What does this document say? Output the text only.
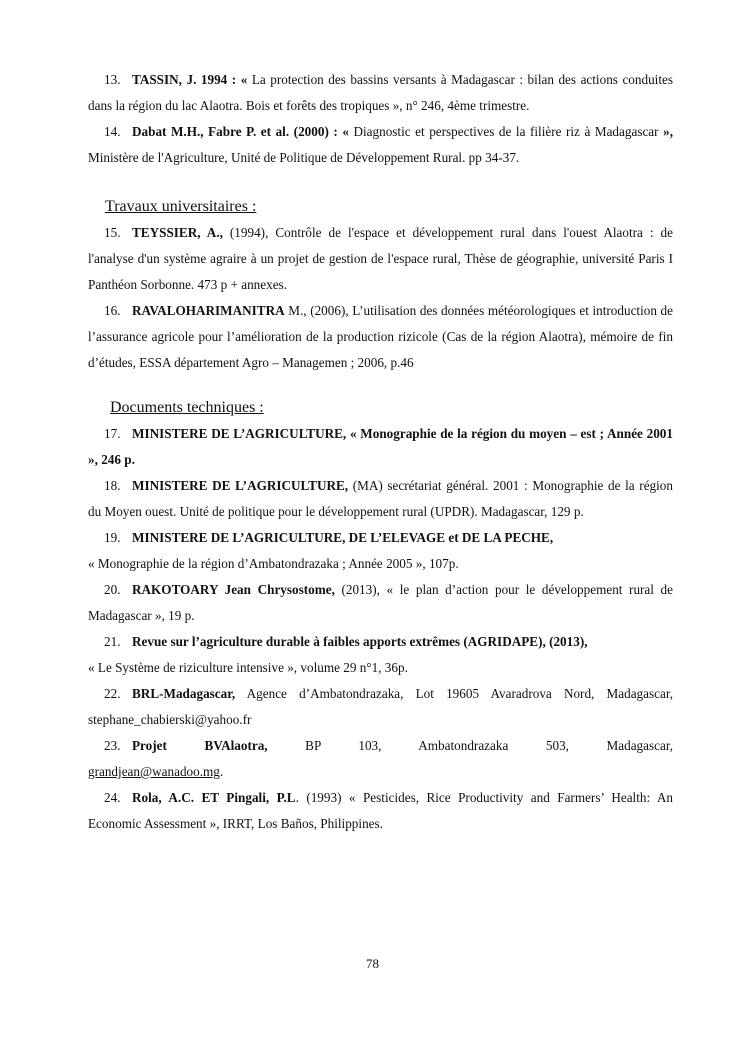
13. TASSIN, J. 1994 : « La protection des bassins versants à Madagascar : bilan des actions conduites dans la région du lac Alaotra. Bois et forêts des tropiques », n° 246, 4ème trimestre.

14. Dabat M.H., Fabre P. et al. (2000) : « Diagnostic et perspectives de la filière riz à Madagascar », Ministère de l'Agriculture, Unité de Politique de Développement Rural. pp 34-37.

Travaux universitaires :

15. TEYSSIER, A., (1994), Contrôle de l'espace et développement rural dans l'ouest Alaotra : de l'analyse d'un système agraire à un projet de gestion de l'espace rural, Thèse de géographie, université Paris I Panthéon Sorbonne. 473 p + annexes.

16. RAVALOHARIMANITRA M., (2006), L’utilisation des données météorologiques et introduction de l’assurance agricole pour l’amélioration de la production rizicole (Cas de la région Alaotra), mémoire de fin d’études, ESSA département Agro – Managemen ; 2006, p.46

Documents techniques :

17. MINISTERE DE L’AGRICULTURE, « Monographie de la région du moyen – est ; Année 2001 », 246 p.

18. MINISTERE DE L’AGRICULTURE, (MA) secrétariat général. 2001 : Monographie de la région du Moyen ouest. Unité de politique pour le développement rural (UPDR). Madagascar, 129 p.

19. MINISTERE DE L’AGRICULTURE, DE L’ELEVAGE et DE LA PECHE,
« Monographie de la région d’Ambatondrazaka ; Année 2005 », 107p.

20. RAKOTOARY Jean Chrysostome, (2013), « le plan d’action pour le développement rural de Madagascar », 19 p.

21. Revue sur l’agriculture durable à faibles apports extrêmes (AGRIDAPE), (2013),
« Le Système de riziculture intensive », volume 29 n°1, 36p.

22. BRL-Madagascar, Agence d’Ambatondrazaka, Lot 19605 Avaradrova Nord, Madagascar, stephane_chabierski@yahoo.fr

23. Projet BVAlaotra, BP 103, Ambatondrazaka 503, Madagascar,

grandjean@wanadoo.mg.

24. Rola, A.C. ET Pingali, P.L. (1993) « Pesticides, Rice Productivity and Farmers’ Health: An Economic Assessment », IRRT, Los Baños, Philippines.

78
